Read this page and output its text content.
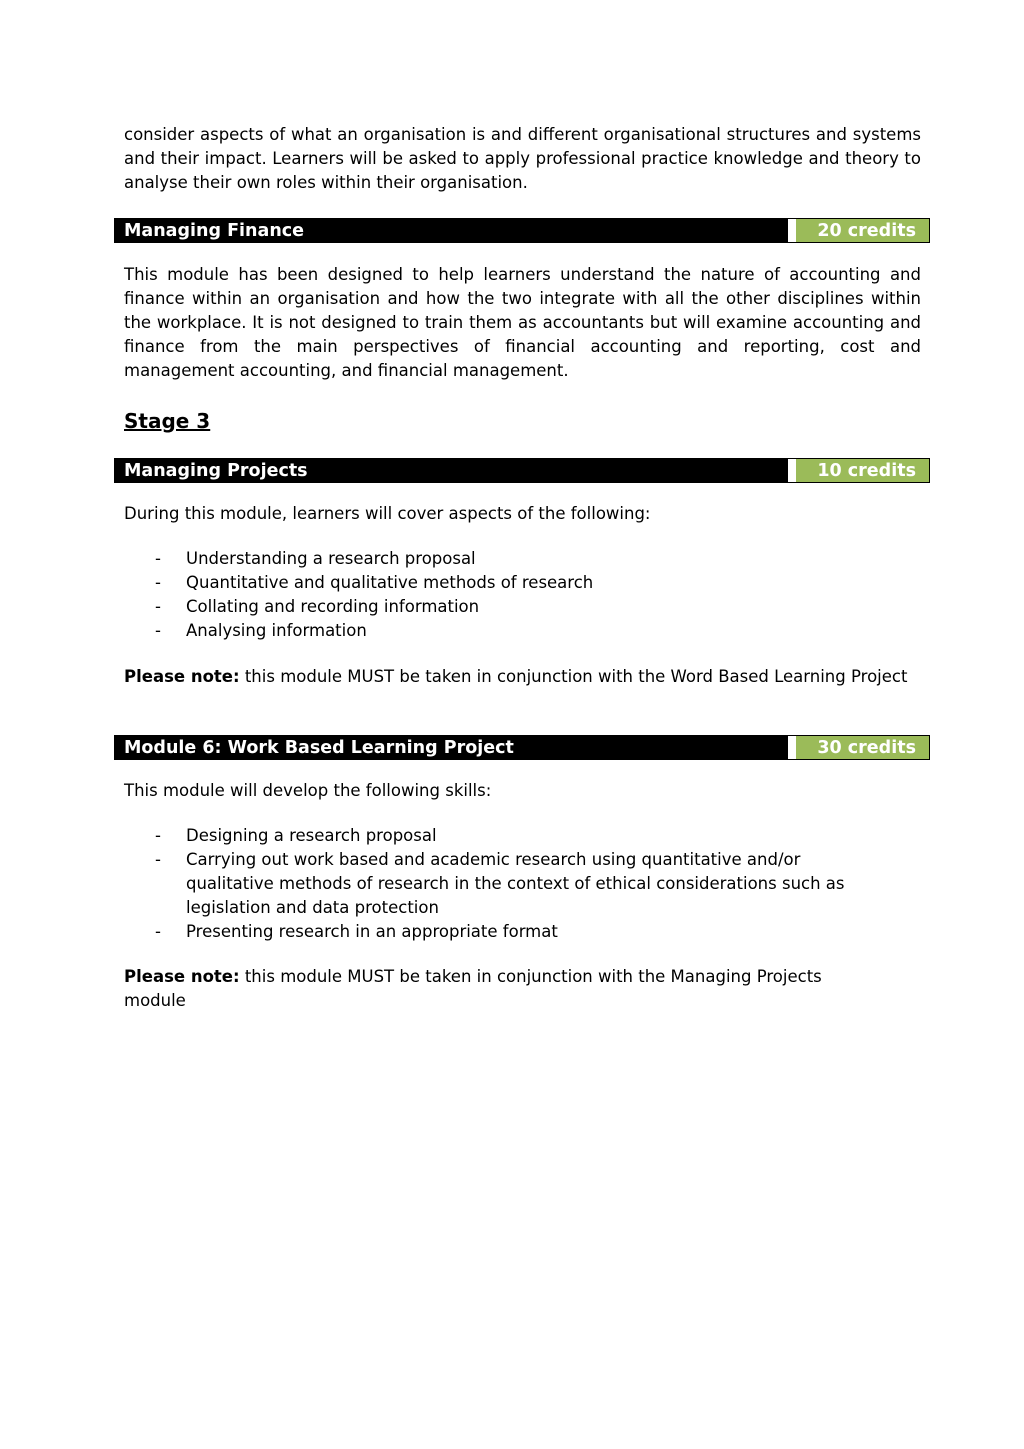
consider aspects of what an organisation is and different organisational structures and systems and their impact. Learners will be asked to apply professional practice knowledge and theory to analyse their own roles within their organisation.

Managing Finance	20 credits

This module has been designed to help learners understand the nature of accounting and finance within an organisation and how the two integrate with all the other disciplines within the workplace. It is not designed to train them as accountants but will examine accounting and finance from the main perspectives of financial accounting and reporting, cost and management accounting, and financial management.

Stage 3
Managing Projects	10 credits

During this module, learners will cover aspects of the following:

- Understanding a research proposal
- Quantitative and qualitative methods of research
- Collating and recording information
- Analysing information

Please note: this module MUST be taken in conjunction with the Word Based Learning Project

Module 6: Work Based Learning Project	30 credits

This module will develop the following skills:

- Designing a research proposal
- Carrying out work based and academic research using quantitative and/or qualitative methods of research in the context of ethical considerations such as legislation and data protection
- Presenting research in an appropriate format

Please note: this module MUST be taken in conjunction with the Managing Projects module
